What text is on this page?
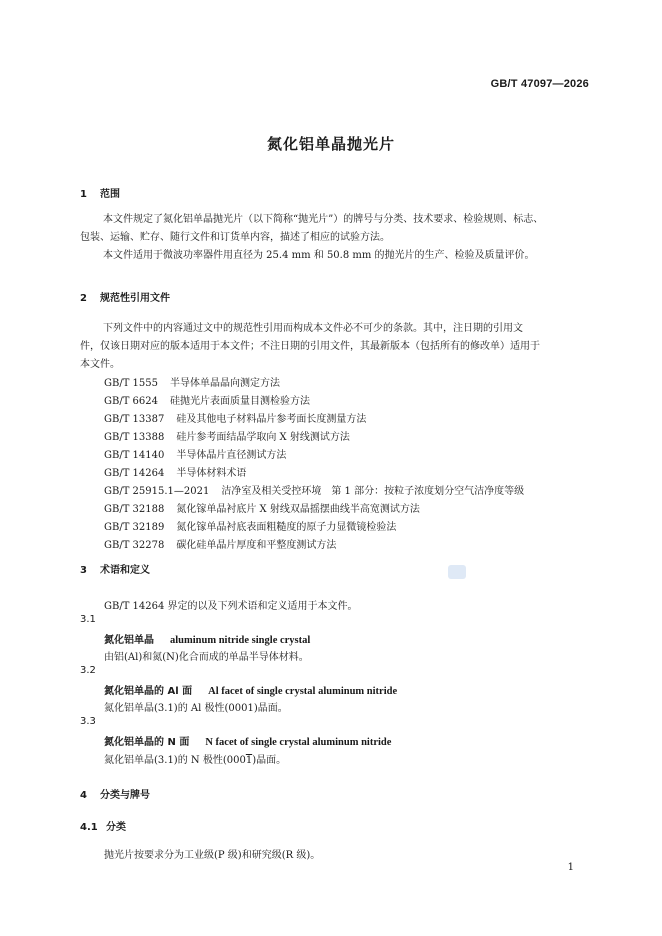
GB/T 47097—2026
氮化铝单晶抛光片
1 范围
本文件规定了氮化铝单晶抛光片（以下简称“抛光片”）的牌号与分类、技术要求、检验规则、标志、
包装、运输、贮存、随行文件和订货单内容，描述了相应的试验方法。
本文件适用于微波功率器件用直径为 25.4 mm 和 50.8 mm 的抛光片的生产、检验及质量评价。
2 规范性引用文件
下列文件中的内容通过文中的规范性引用而构成本文件必不可少的条款。其中，注日期的引用文
件，仅该日期对应的版本适用于本文件；不注日期的引用文件，其最新版本（包括所有的修改单）适用于
本文件。
GB/T 1555 半导体单晶晶向测定方法
GB/T 6624 硅抛光片表面质量目测检验方法
GB/T 13387 硅及其他电子材料晶片参考面长度测量方法
GB/T 13388 硅片参考面结晶学取向 X 射线测试方法
GB/T 14140 半导体晶片直径测试方法
GB/T 14264 半导体材料术语
GB/T 25915.1—2021 洁净室及相关受控环境　第 1 部分：按粒子浓度划分空气洁净度等级
GB/T 32188 氮化镓单晶衬底片 X 射线双晶摇摆曲线半高宽测试方法
GB/T 32189 氮化镓单晶衬底表面粗糙度的原子力显微镜检验法
GB/T 32278 碳化硅单晶片厚度和平整度测试方法
3 术语和定义
GB/T 14264 界定的以及下列术语和定义适用于本文件。
3.1
氮化铝单晶 aluminum nitride single crystal
由铝(Al)和氮(N)化合而成的单晶半导体材料。
3.2
氮化铝单晶的 Al 面 Al facet of single crystal aluminum nitride
氮化铝单晶(3.1)的 Al 极性(0001)晶面。
3.3
氮化铝单晶的 N 面 N facet of single crystal aluminum nitride
氮化铝单晶(3.1)的 N 极性(0001)晶面。
4 分类与牌号
4.1 分类
抛光片按要求分为工业级(P 级)和研究级(R 级)。
1
